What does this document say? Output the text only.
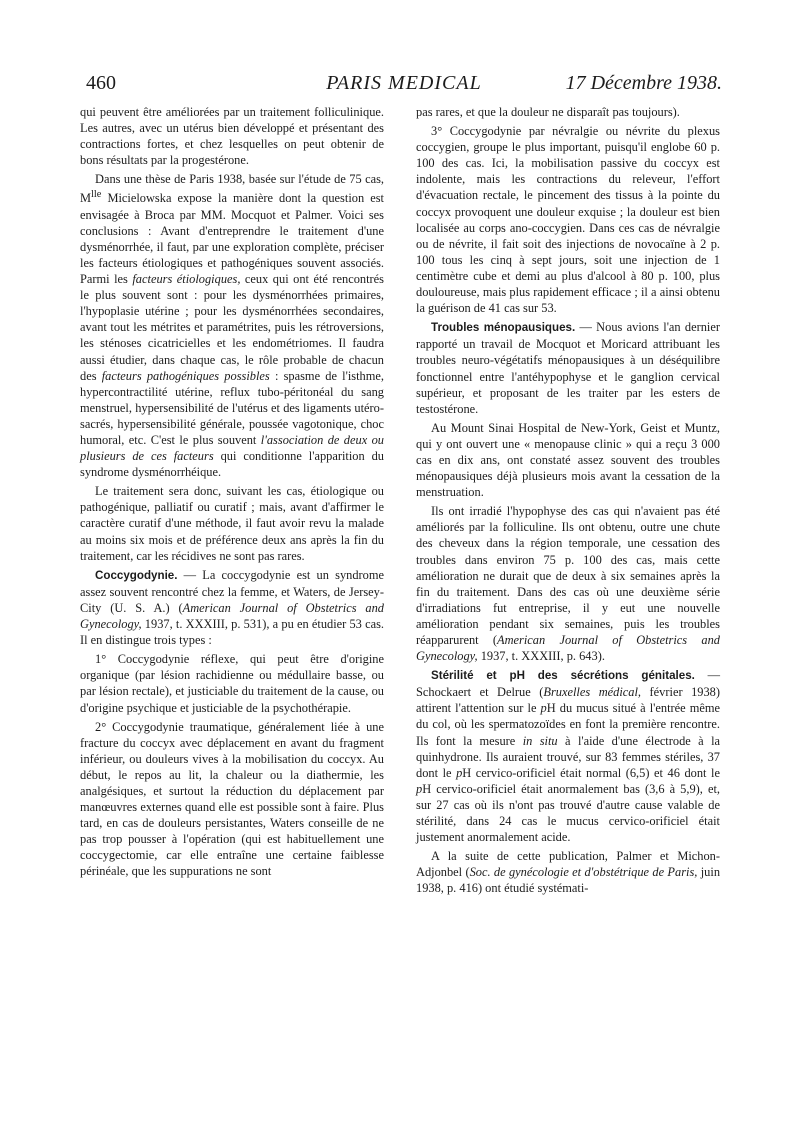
460	PARIS MEDICAL	17 Décembre 1938.

qui peuvent être améliorées par un traitement folliculinique. Les autres, avec un utérus bien développé et présentant des contractions fortes, et chez lesquelles on peut obtenir de bons résultats par la progestérone.

Dans une thèse de Paris 1938, basée sur l'étude de 75 cas, $M^{lle}$ Micielowska expose la manière dont la question est envisagée à Broca par MM. Mocquot et Palmer. Voici ses conclusions : Avant d'entreprendre le traitement d'une dysménorrhée, il faut, par une exploration complète, préciser les facteurs étiologiques et pathogéniques souvent associés. Parmi les facteurs étiologiques, ceux qui ont été rencontrés le plus souvent sont : pour les dysménorrhées primaires, l'hypoplasie utérine ; pour les dysménorrhées secondaires, avant tout les métrites et paramétrites, puis les rétroversions, les sténoses cicatricielles et les endométriomes. Il faudra aussi étudier, dans chaque cas, le rôle probable de chacun des facteurs pathogéniques possibles : spasme de l'isthme, hypercontractilité utérine, reflux tubo-péritonéal du sang menstruel, hypersensibilité de l'utérus et des ligaments utéro-sacrés, hypersensibilité générale, poussée vagotonique, choc humoral, etc. C'est le plus souvent l'association de deux ou plusieurs de ces facteurs qui conditionne l'apparition du syndrome dysménorrhéique.

Le traitement sera donc, suivant les cas, étiologique ou pathogénique, palliatif ou curatif ; mais, avant d'affirmer le caractère curatif d'une méthode, il faut avoir revu la malade au moins six mois et de préférence deux ans après la fin du traitement, car les récidives ne sont pas rares.

Coccygodynie. — La coccygodynie est un syndrome assez souvent rencontré chez la femme, et Waters, de Jersey-City (U. S. A.) (American Journal of Obstetrics and Gynecology, 1937, t. XXXIII, p. 531), a pu en étudier 53 cas. Il en distingue trois types :

1° Coccygodynie réflexe, qui peut être d'origine organique (par lésion rachidienne ou médullaire basse, ou par lésion rectale), et justiciable du traitement de la cause, ou d'origine psychique et justiciable de la psychothérapie.

2° Coccygodynie traumatique, généralement liée à une fracture du coccyx avec déplacement en avant du fragment inférieur, ou douleurs vives à la mobilisation du coccyx. Au début, le repos au lit, la chaleur ou la diathermie, les analgésiques, et surtout la réduction du déplacement par manœuvres externes quand elle est possible sont à faire. Plus tard, en cas de douleurs persistantes, Waters conseille de ne pas trop pousser à l'opération (qui est habituellement une coccygectomie, car elle entraîne une certaine faiblesse périnéale, que les suppurations ne sont

pas rares, et que la douleur ne disparaît pas toujours).

3° Coccygodynie par névralgie ou névrite du plexus coccygien, groupe le plus important, puisqu'il englobe 60 p. 100 des cas. Ici, la mobilisation passive du coccyx est indolente, mais les contractions du releveur, l'effort d'évacuation rectale, le pincement des tissus à la pointe du coccyx provoquent une douleur exquise ; la douleur est bien localisée au corps ano-coccygien. Dans ces cas de névralgie ou de névrite, il fait soit des injections de novocaïne à 2 p. 100 tous les cinq à sept jours, soit une injection de 1 centimètre cube et demi au plus d'alcool à 80 p. 100, plus douloureuse, mais plus rapidement efficace ; il a ainsi obtenu la guérison de 41 cas sur 53.

Troubles ménopausiques. — Nous avions l'an dernier rapporté un travail de Mocquot et Moricard attribuant les troubles neuro-végétatifs ménopausiques à un déséquilibre fonctionnel entre l'antéhypophyse et le ganglion cervical supérieur, et proposant de les traiter par les esters de testostérone.

Au Mount Sinai Hospital de New-York, Geist et Muntz, qui y ont ouvert une « menopause clinic » qui a reçu 3 000 cas en dix ans, ont constaté assez souvent des troubles ménopausiques déjà plusieurs mois avant la cessation de la menstruation.

Ils ont irradié l'hypophyse des cas qui n'avaient pas été améliorés par la folliculine. Ils ont obtenu, outre une chute des cheveux dans la région temporale, une cessation des troubles dans environ 75 p. 100 des cas, mais cette amélioration ne durait que de deux à six semaines après la fin du traitement. Dans des cas où une deuxième série d'irradiations fut entreprise, il y eut une nouvelle amélioration pendant six semaines, puis les troubles réapparurent (American Journal of Obstetrics and Gynecology, 1937, t. XXXIII, p. 643).

Stérilité et pH des sécrétions génitales. — Schockaert et Delrue (Bruxelles médical, février 1938) attirent l'attention sur le pH du mucus situé à l'entrée même du col, où les spermatozoïdes en font la première rencontre. Ils font la mesure in situ à l'aide d'une électrode à la quinhydrone. Ils auraient trouvé, sur 83 femmes stériles, 37 dont le pH cervico-orificiel était normal (6,5) et 46 dont le pH cervico-orificiel était anormalement bas (3,6 à 5,9), et, sur 27 cas où ils n'ont pas trouvé d'autre cause valable de stérilité, dans 24 cas le mucus cervico-orificiel était justement anormalement acide.

A la suite de cette publication, Palmer et Michon-Adjonbel (Soc. de gynécologie et d'obstétrique de Paris, juin 1938, p. 416) ont étudié systémati-
